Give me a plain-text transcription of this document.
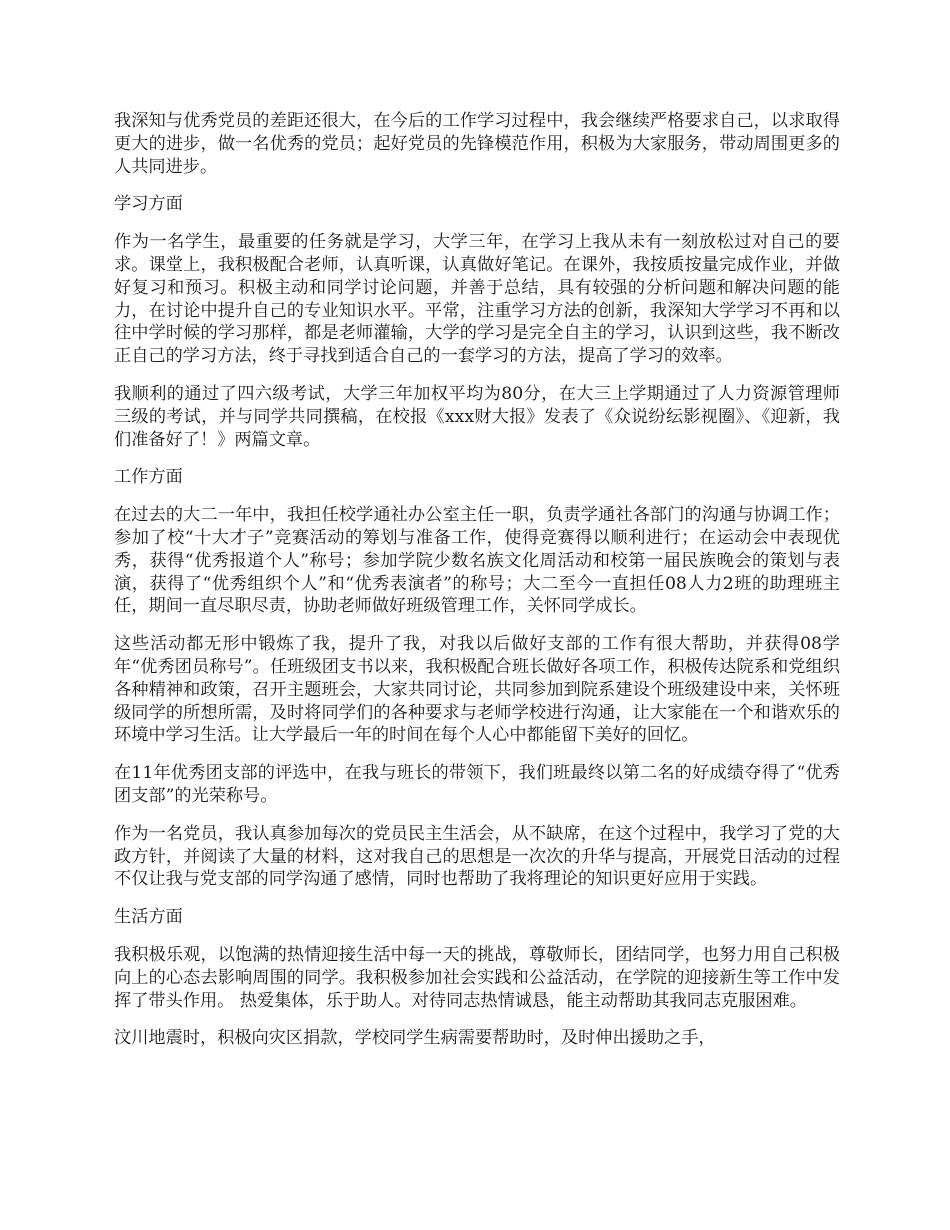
我深知与优秀党员的差距还很大，在今后的工作学习过程中，我会继续严格要求自己，以求取得更大的进步，做一名优秀的党员；起好党员的先锋模范作用，积极为大家服务，带动周围更多的人共同进步。

学习方面

作为一名学生，最重要的任务就是学习，大学三年，在学习上我从未有一刻放松过对自己的要求。课堂上，我积极配合老师，认真听课，认真做好笔记。在课外，我按质按量完成作业，并做好复习和预习。积极主动和同学讨论问题，并善于总结，具有较强的分析问题和解决问题的能力，在讨论中提升自己的专业知识水平。平常，注重学习方法的创新，我深知大学学习不再和以往中学时候的学习那样，都是老师灌输，大学的学习是完全自主的学习，认识到这些，我不断改正自己的学习方法，终于寻找到适合自己的一套学习的方法，提高了学习的效率。

我顺利的通过了四六级考试，大学三年加权平均为80分，在大三上学期通过了人力资源管理师三级的考试，并与同学共同撰稿，在校报《xxx财大报》发表了《众说纷纭影视圈》、《迎新，我们准备好了！》两篇文章。

工作方面

在过去的大二一年中，我担任校学通社办公室主任一职，负责学通社各部门的沟通与协调工作；参加了校“十大才子”竞赛活动的筹划与准备工作，使得竞赛得以顺利进行；在运动会中表现优秀，获得“优秀报道个人”称号；参加学院少数名族文化周活动和校第一届民族晚会的策划与表演，获得了“优秀组织个人”和“优秀表演者”的称号；大二至今一直担任08人力2班的助理班主任，期间一直尽职尽责，协助老师做好班级管理工作，关怀同学成长。

这些活动都无形中锻炼了我，提升了我，对我以后做好支部的工作有很大帮助，并获得08学年“优秀团员称号”。任班级团支书以来，我积极配合班长做好各项工作，积极传达院系和党组织各种精神和政策，召开主题班会，大家共同讨论，共同参加到院系建设个班级建设中来，关怀班级同学的所想所需，及时将同学们的各种要求与老师学校进行沟通，让大家能在一个和谐欢乐的环境中学习生活。让大学最后一年的时间在每个人心中都能留下美好的回忆。

在11年优秀团支部的评选中，在我与班长的带领下，我们班最终以第二名的好成绩夺得了“优秀团支部”的光荣称号。

作为一名党员，我认真参加每次的党员民主生活会，从不缺席，在这个过程中，我学习了党的大政方针，并阅读了大量的材料，这对我自己的思想是一次次的升华与提高，开展党日活动的过程不仅让我与党支部的同学沟通了感情，同时也帮助了我将理论的知识更好应用于实践。

生活方面

我积极乐观，以饱满的热情迎接生活中每一天的挑战，尊敬师长，团结同学，也努力用自己积极向上的心态去影响周围的同学。我积极参加社会实践和公益活动，在学院的迎接新生等工作中发挥了带头作用。 热爱集体，乐于助人。对待同志热情诚恳，能主动帮助其我同志克服困难。

汶川地震时，积极向灾区捐款，学校同学生病需要帮助时，及时伸出援助之手，
